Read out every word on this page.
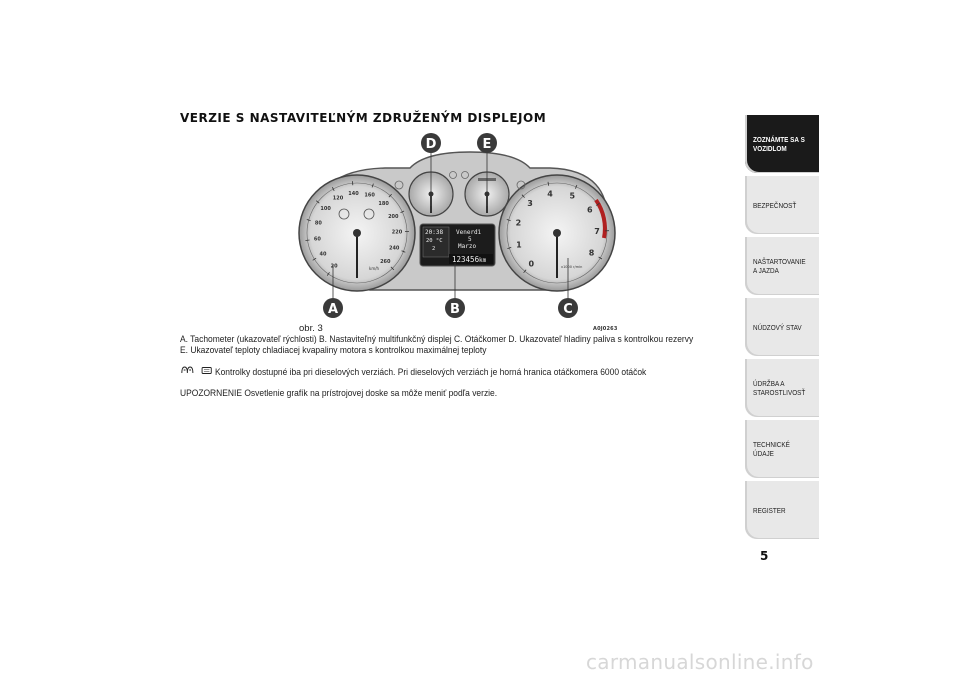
VERZIE S NASTAVITEĽNÝM ZDRUŽENÝM DISPLEJOM
20
40
60
80
100
120
140 160
180
200
220
240
260
km/h
0
1
2
3
4 5
6
7
8
x1000 r/min
20:38
20 °C
2
Venerdì
5
Marzo
123456 km
D	E
A	B	C
obr. 3	A0J0263
A. Tachometer (ukazovateľ rýchlosti) B. Nastaviteľný multifunkčný displej C. Otáčkomer D. Ukazovateľ hladiny paliva s kontrolkou rezervy
E. Ukazovateľ teploty chladiacej kvapaliny motora s kontrolkou maximálnej teploty
Kontrolky dostupné iba pri dieselových verziách. Pri dieselových verziách je horná hranica otáčkomera 6000 otáčok
UPOZORNENIE Osvetlenie grafík na prístrojovej doske sa môže meniť podľa verzie.
ZOZNÁMTE SA S VOZIDLOM
BEZPEČNOSŤ
NAŠTARTOVANIE A JAZDA
NÚDZOVÝ STAV
ÚDRŽBA A STAROSTLIVOSŤ
TECHNICKÉ ÚDAJE
REGISTER
5
carmanualsonline.info
